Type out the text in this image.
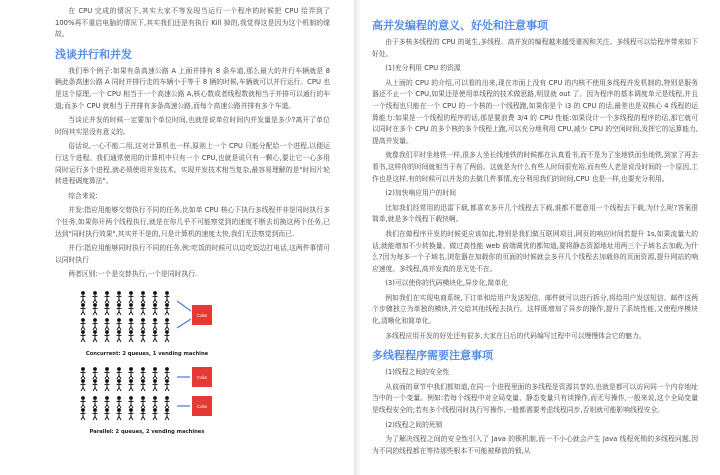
在 CPU 完成的情况下,其实大家不等发现当运行一个程序的时候把 CPU 给弄到了 100%再不重启电脑的情况下,其实我们还是有执行 Kill 掉的,我觉得这是因为这个机制的缘故。

浅谈并行和并发

我们举个例子:如果有条高速公路 A 上面并排有 8 条车道,那么最大的并行车辆就是 8 辆此条高速公路 A 同时并排行走的车辆小于等于 8 辆的时候,车辆就可以并行运行。CPU 也是这个原理,一个 CPU 相当于一个高速公路 A,核心数或者线程数就相当于并排可以通行的车道;而多个 CPU 就相当于并排有多条高速公路,而每个高速公路并排有多个车道。

当谈论并发的时候一定要加个单位时间,也就是说单位时间内并发量是多少?离开了单位时间其实是没有意义的。

俗话说,一心不能二用,这对计算机也一样,原则上一个 CPU 只能分配给一个进程,以便运行这个进程。我们通常使用的计算机中只有一个 CPU,也就是说只有一颗心,要让它一心多用同时运行多个进程,就必须使用并发技术。实现并发技术相当复杂,最容易理解的是"时间片轮转进程调度算法"。

综合来说:

并发:指应用能够交替执行不同的任务,比如单 CPU 核心下执行多线程并非是同时执行多个任务,如果你开两个线程执行,就是在你几乎不可能察觉到的速度不断去切换这两个任务,已达到"同时执行效果",其实并不是的,只是计算机的速度太快,我们无法察觉到而已.

并行:指应用能够同时执行不同的任务,例:吃饭的时候可以边吃饭边打电话,这两件事情可以同时执行

两者区别:一个是交替执行,一个是同时执行.

Coke
Concurrent: 2 queues, 1 vending machine
Coke
Coke
Parallel: 2 queues, 2 vending machines
高并发编程的意义、好处和注意事项

由于多核多线程的 CPU 的诞生,多线程、高并发的编程越来越受重视和关注。多线程可以给程序带来如下好处。

(1)充分利用 CPU 的资源

从上面的 CPU 的介绍,可以看的出来,现在市面上没有 CPU 的内核不使用多线程并发机制的,特别是服务器还不止一个 CPU,如果还是使用单线程的技术做思路,明显就 out 了。因为程序的基本调度单元是线程,并且一个线程也只能在一个 CPU 的一个核的一个线程跑,如果你是个 i3 的 CPU 的话,最差也是双核心 4 线程的运算能力:如果是一个线程的程序的话,那是要浪费 3/4 的 CPU 性能:如果设计一个多线程的程序的话,那它就可以同时在多个 CPU 的多个核的多个线程上跑,可以充分地利用 CPU,减少 CPU 的空闲时间,发挥它的运算能力,提高并发量。

就像我们平时坐地铁一样,很多人坐长线地铁的时候都在认真看书,而不是为了坐地铁而坐地铁,到家了再去看书,这样你的时间就相当于有了两倍。这就是为什么有些人时间很充裕,而有些人老是说没时间的一个原因,工作也是这样,有的时候可以并发的去做几件事情,充分利用我们的时间,CPU 也是一样,也要充分利用。

(2)加快响应用户的时间

比如我们经常用的迅雷下载,都喜欢多开几个线程去下载,谁都不愿意用一个线程去下载,为什么呢?答案很简单,就是多个线程下载快啊。

我们在做程序开发的时候更应该如此,特别是我们做互联网项目,网页的响应时间若提升 1s,如果流量大的话,就能增加不少转换量。做过高性能 web 前端调优的都知道,要将静态资源地址用两三个子域名去加载,为什么?因为每多一个子域名,浏览器在加载你的页面的时候就会多开几个线程去加载你的页面资源,提升网站的响应速度。多线程,高并发真的是无处不在。

(3)可以使你的代码模块化,异步化,简单化

例如我们在实现电商系统,下订单和给用户发送短信、邮件就可以进行拆分,将给用户发送短信、邮件这两个步骤独立为单独的模块,并交给其他线程去执行。这样既增加了异步的操作,提升了系统性能,又使程序模块化,清晰化和简单化。

多线程应用开发的好处还有很多,大家在日后的代码编写过程中可以慢慢体会它的魅力。

多线程程序需要注意事项

(1)线程之间的安全性

从前面的章节中我们都知道,在同一个进程里面的多线程是资源共享的,也就是都可以访问同一个内存地址当中的一个变量。例如:若每个线程中对全局变量、静态变量只有读操作,而无写操作,一般来说,这个全局变量是线程安全的;若有多个线程同时执行写操作,一般都需要考虑线程同步,否则就可能影响线程安全。

(2)线程之间的死锁

为了解决线程之间的安全性引入了 Java 的锁机制,而一不小心就会产生 Java 线程死锁的多线程问题,因为不同的线程都在等待那些根本不可能被释放的锁,从
